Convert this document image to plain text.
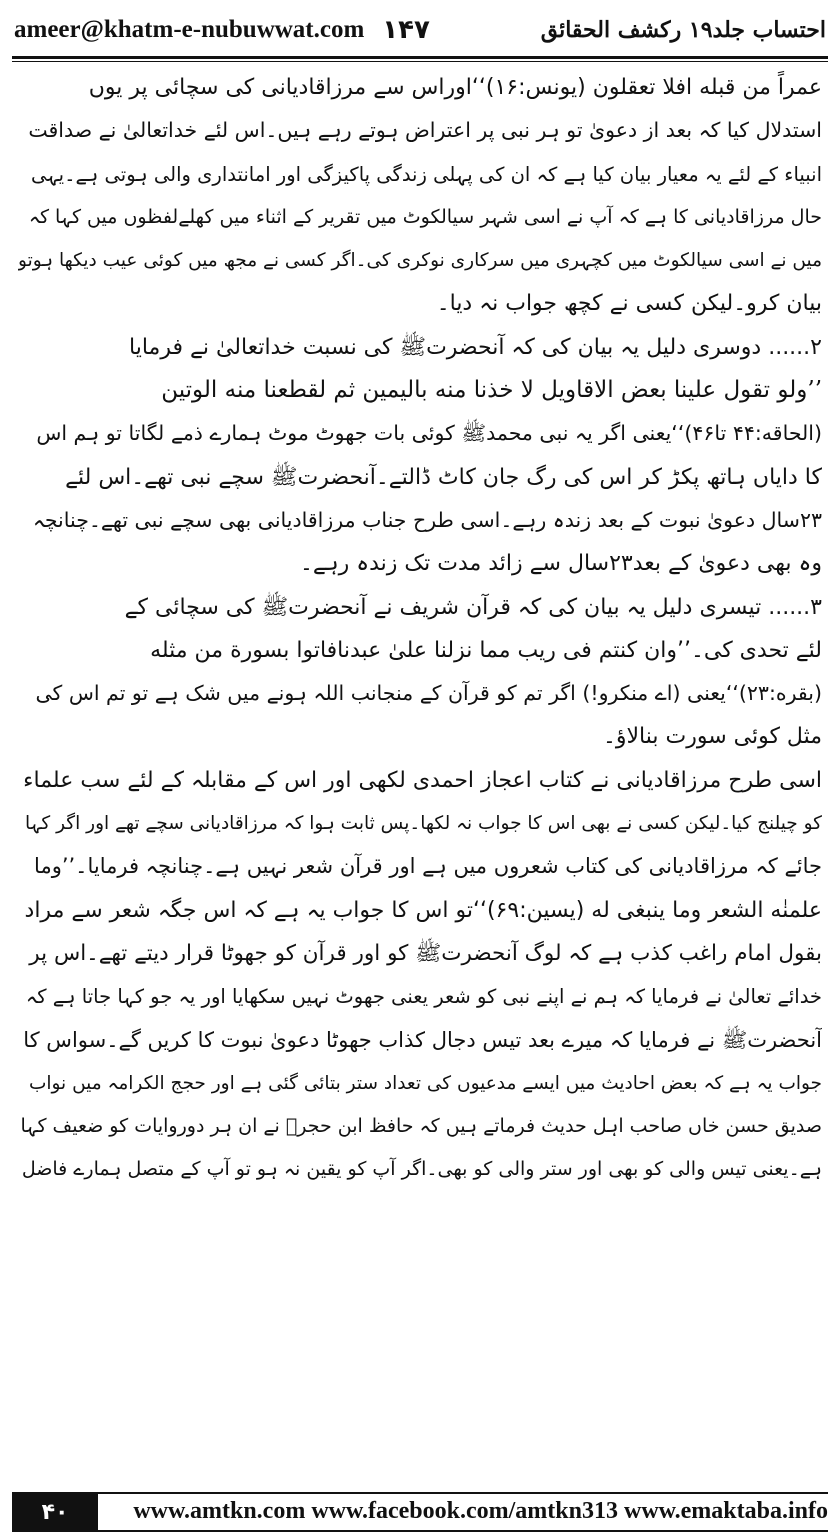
ameer@khatm-e-nubuwwat.com ۱۴۷	احتساب جلد۱۹ رکشف الحقائق
عمراً من قبله افلا تعقلون (یونس:۱۶)‘‘اوراس سے مرزاقادیانی کی سچائی پر یوں
استدلال کیا کہ بعد از دعویٰ تو ہر نبی پر اعتراض ہوتے رہے ہیں۔اس لئے خداتعالیٰ نے صداقت
انبیاء کے لئے یہ معیار بیان کیا ہے کہ ان کی پہلی زندگی پاکیزگی اور امانتداری والی ہوتی ہے۔یہی
حال مرزاقادیانی کا ہے کہ آپ نے اسی شہر سیالکوٹ میں تقریر کے اثناء میں کھلےلفظوں میں کہا کہ
میں نے اسی سیالکوٹ میں کچہری میں سرکاری نوکری کی۔اگر کسی نے مجھ میں کوئی عیب دیکھا ہوتو
بیان کرو۔لیکن کسی نے کچھ جواب نہ دیا۔
۲...... دوسری دلیل یہ بیان کی کہ آنحضرتﷺ کی نسبت خداتعالیٰ نے فرمایا
’’ولو تقول علینا بعض الاقاویل لا خذنا منه بالیمین ثم لقطعنا منه الوتین
(الحاقه:۴۴ تا۴۶)‘‘یعنی اگر یہ نبی محمدﷺ کوئی بات جھوٹ موٹ ہمارے ذمے لگاتا تو ہم اس
کا دایاں ہاتھ پکڑ کر اس کی رگ جان کاٹ ڈالتے۔آنحضرتﷺ سچے نبی تھے۔اس لئے
۲۳سال دعویٰ نبوت کے بعد زندہ رہے۔اسی طرح جناب مرزاقادیانی بھی سچے نبی تھے۔چنانچہ
وہ بھی دعویٰ کے بعد۲۳سال سے زائد مدت تک زندہ رہے۔
۳...... تیسری دلیل یہ بیان کی کہ قرآن شریف نے آنحضرتﷺ کی سچائی کے
لئے تحدی کی۔’’وان کنتم فی ریب مما نزلنا علیٰ عبدنافاتوا بسورة من مثله
(بقره:۲۳)‘‘یعنی (اے منکرو!) اگر تم کو قرآن کے منجانب اللہ ہونے میں شک ہے تو تم اس کی
مثل کوئی سورت بنالاؤ۔
اسی طرح مرزاقادیانی نے کتاب اعجاز احمدی لکھی اور اس کے مقابلہ کے لئے سب علماء
کو چیلنج کیا۔لیکن کسی نے بھی اس کا جواب نہ لکھا۔پس ثابت ہوا کہ مرزاقادیانی سچے تھے اور اگر کہا
جائے کہ مرزاقادیانی کی کتاب شعروں میں ہے اور قرآن شعر نہیں ہے۔چنانچہ فرمایا۔’’وما
علمنٰه الشعر وما ینبغی له (یسین:۶۹)‘‘تو اس کا جواب یہ ہے کہ اس جگہ شعر سے مراد
بقول امام راغب کذب ہے کہ لوگ آنحضرتﷺ کو اور قرآن کو جھوٹا قرار دیتے تھے۔اس پر
خدائے تعالیٰ نے فرمایا کہ ہم نے اپنے نبی کو شعر یعنی جھوٹ نہیں سکھایا اور یہ جو کہا جاتا ہے کہ
آنحضرتﷺ نے فرمایا کہ میرے بعد تیس دجال کذاب جھوٹا دعویٰ نبوت کا کریں گے۔سواس کا
جواب یہ ہے کہ بعض احادیث میں ایسے مدعیوں کی تعداد ستر بتائی گئی ہے اور حجج الکرامہ میں نواب
صدیق حسن خاں صاحب اہل حدیث فرماتے ہیں کہ حافظ ابن حجرؒ نے ان ہر دوروایات کو ضعیف کہا
ہے۔یعنی تیس والی کو بھی اور ستر والی کو بھی۔اگر آپ کو یقین نہ ہو تو آپ کے متصل ہمارے فاضل
۴۰	www.amtkn.com www.facebook.com/amtkn313 www.emaktaba.info
